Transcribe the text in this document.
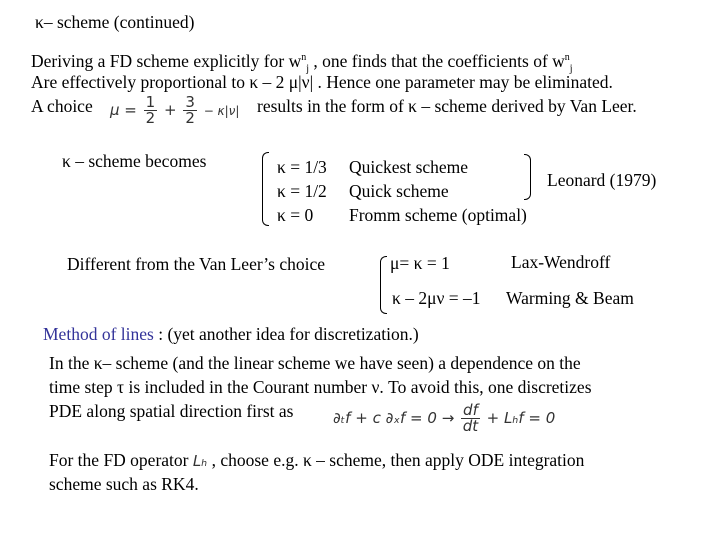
κ– scheme (continued)
Deriving a FD scheme explicitly for $w^n_j$ , one finds that the coefficients of $w^n_j$
Are effectively proportional to κ – 2 μ|ν| . Hence one parameter may be eliminated.
A choice $\mu = \frac{1}{2} + \frac{3}{2} - \kappa|\nu|$ results in the form of κ – scheme derived by Van Leer.
κ – scheme becomes	κ = 1/3 Quickest scheme
κ = 1/2 Quick scheme
κ = 0 Fromm scheme (optimal)
Leonard (1979)
Different from the Van Leer’s choice	μ= κ = 1	Lax-Wendroff
κ – 2μν = –1 Warming & Beam
Method of lines : (yet another idea for discretization.)
In the κ– scheme (and the linear scheme we have seen) a dependence on the
time step τ is included in the Courant number ν. To avoid this, one discretizes
PDE along spatial direction first as	∂ₜf + c $\partial_xf = 0 \to \frac{df}{dt} + L_hf = 0$
For the FD operator Lₕ , choose e.g. κ – scheme, then apply ODE integration
scheme such as RK4.
